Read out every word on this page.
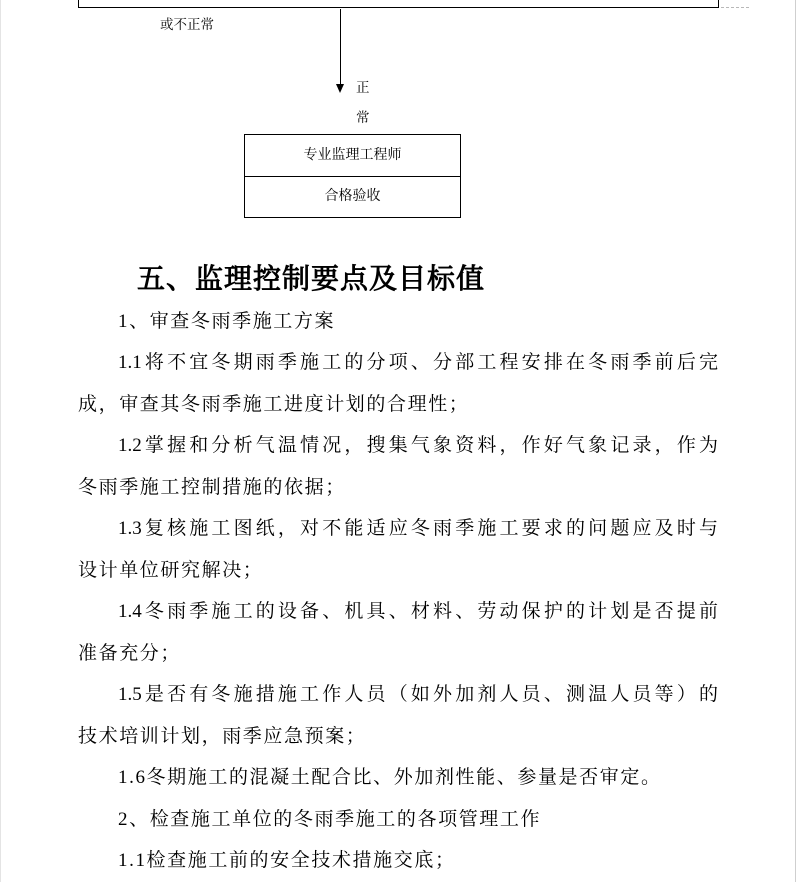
或不正常
正
常
专业监理工程师
合格验收
五、监理控制要点及目标值
1、审查冬雨季施工方案
1.1将不宜冬期雨季施工的分项、分部工程安排在冬雨季前后完
成，审查其冬雨季施工进度计划的合理性；
1.2掌握和分析气温情况，搜集气象资料，作好气象记录，作为
冬雨季施工控制措施的依据；
1.3复核施工图纸，对不能适应冬雨季施工要求的问题应及时与
设计单位研究解决；
1.4冬雨季施工的设备、机具、材料、劳动保护的计划是否提前
准备充分；
1.5是否有冬施措施工作人员（如外加剂人员、测温人员等）的
技术培训计划，雨季应急预案；
1.6冬期施工的混凝土配合比、外加剂性能、参量是否审定。
2、检查施工单位的冬雨季施工的各项管理工作
1.1检查施工前的安全技术措施交底；
